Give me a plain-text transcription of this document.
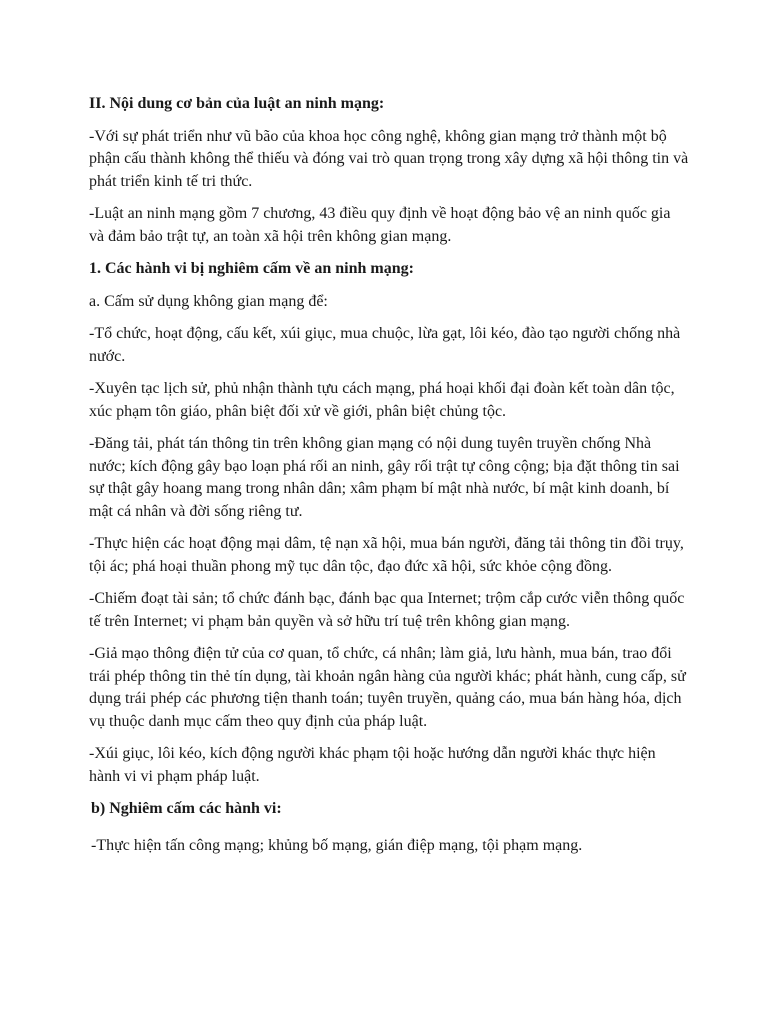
II. Nội dung cơ bản của luật an ninh mạng:

-Với sự phát triển như vũ bão của khoa học công nghệ, không gian mạng trở thành một bộ phận cấu thành không thể thiếu và đóng vai trò quan trọng trong xây dựng xã hội thông tin và phát triển kinh tế tri thức.

-Luật an ninh mạng gồm 7 chương, 43 điều quy định về hoạt động bảo vệ an ninh quốc gia và đảm bảo trật tự, an toàn xã hội trên không gian mạng.

1. Các hành vi bị nghiêm cấm về an ninh mạng:

a. Cấm sử dụng không gian mạng để:

-Tổ chức, hoạt động, cấu kết, xúi giục, mua chuộc, lừa gạt, lôi kéo, đào tạo người chống nhà nước.

-Xuyên tạc lịch sử, phủ nhận thành tựu cách mạng, phá hoại khối đại đoàn kết toàn dân tộc, xúc phạm tôn giáo, phân biệt đối xử về giới, phân biệt chủng tộc.

-Đăng tải, phát tán thông tin trên không gian mạng có nội dung tuyên truyền chống Nhà nước; kích động gây bạo loạn phá rối an ninh, gây rối trật tự công cộng; bịa đặt thông tin sai sự thật gây hoang mang trong nhân dân; xâm phạm bí mật nhà nước, bí mật kinh doanh, bí mật cá nhân và đời sống riêng tư.

-Thực hiện các hoạt động mại dâm, tệ nạn xã hội, mua bán người, đăng tải thông tin đồi trụy, tội ác; phá hoại thuần phong mỹ tục dân tộc, đạo đức xã hội, sức khỏe cộng đồng.

-Chiếm đoạt tài sản; tổ chức đánh bạc, đánh bạc qua Internet; trộm cắp cước viễn thông quốc tế trên Internet; vi phạm bản quyền và sở hữu trí tuệ trên không gian mạng.

-Giả mạo thông điện tử của cơ quan, tổ chức, cá nhân; làm giả, lưu hành, mua bán, trao đổi trái phép thông tin thẻ tín dụng, tài khoản ngân hàng của người khác; phát hành, cung cấp, sử dụng trái phép các phương tiện thanh toán; tuyên truyền, quảng cáo, mua bán hàng hóa, dịch vụ thuộc danh mục cấm theo quy định của pháp luật.

-Xúi giục, lôi kéo, kích động người khác phạm tội hoặc hướng dẫn người khác thực hiện hành vi vi phạm pháp luật.

b) Nghiêm cấm các hành vi:

-Thực hiện tấn công mạng; khủng bố mạng, gián điệp mạng, tội phạm mạng.
